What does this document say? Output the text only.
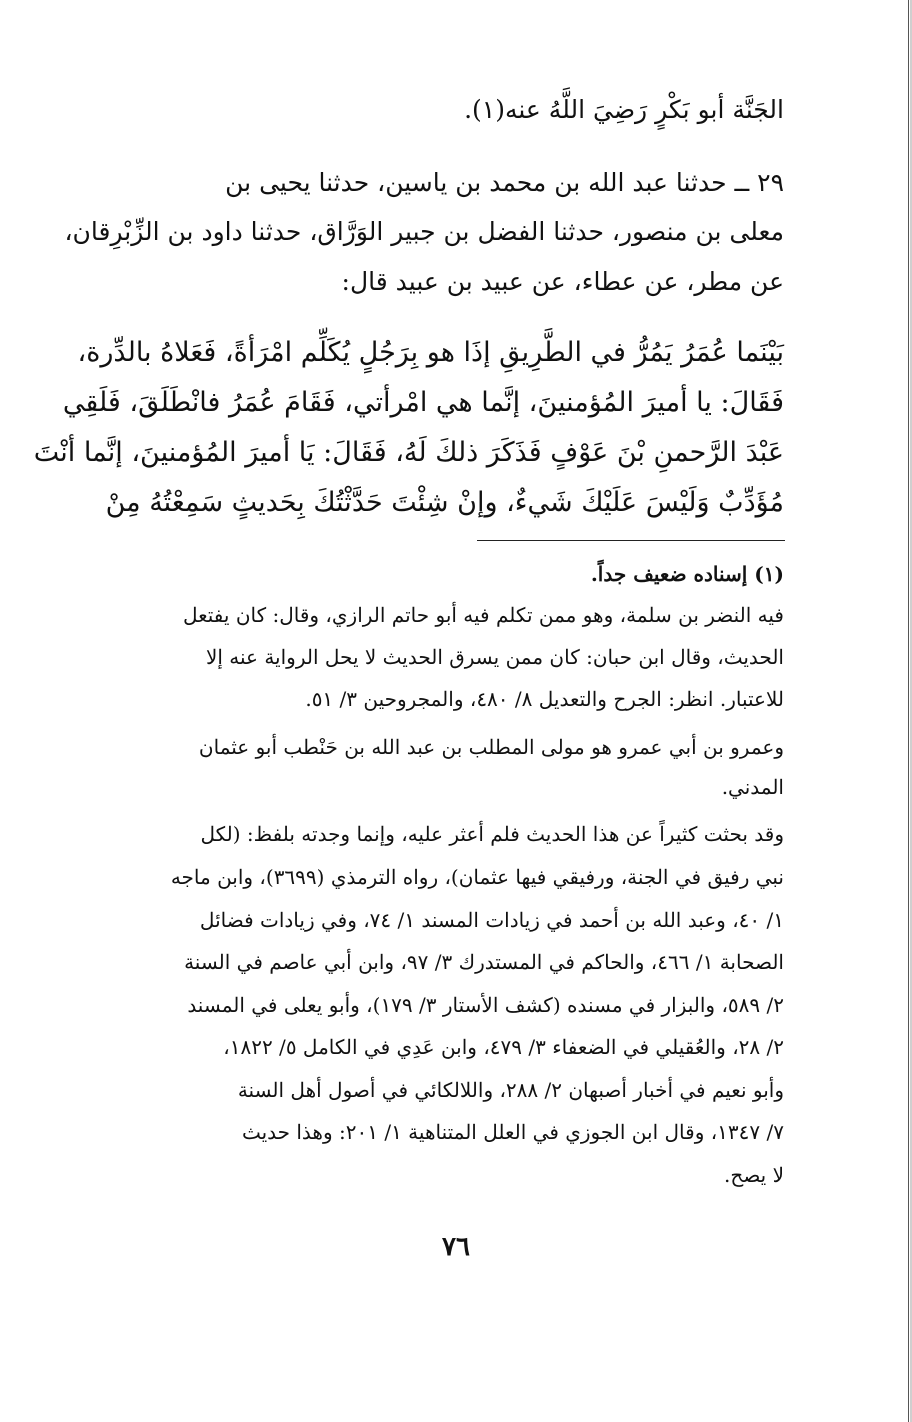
الجَنَّة أبو بَكْرٍ رَضِيَ اللَّهُ عنه(١).
٢٩ ــ حدثنا عبد الله بن محمد بن ياسين، حدثنا يحيى بن
معلى بن منصور، حدثنا الفضل بن جبير الوَرَّاق، حدثنا داود بن الزِّبْرِقان،
عن مطر، عن عطاء، عن عبيد بن عبيد قال:
بَيْنَما عُمَرُ يَمُرُّ في الطَّرِيقِ إذَا هو بِرَجُلٍ يُكَلِّم امْرَأةً، فَعَلاهُ بالدِّرة،
فَقَالَ: يا أميرَ المُؤمنينَ، إنَّما هي امْرأتي، فَقَامَ عُمَرُ فانْطَلَقَ، فَلَقِي
عَبْدَ الرَّحمنِ بْنَ عَوْفٍ فَذَكَرَ ذلكَ لَهُ، فَقَالَ: يَا أميرَ المُؤمنينَ، إنَّما أنْتَ
مُؤَدِّبٌ وَلَيْسَ عَلَيْكَ شَيءٌ، وإنْ شِئْتَ حَدَّثْتُكَ بِحَديثٍ سَمِعْتُهُ مِنْ
(١) إسناده ضعيف جداً.
فيه النضر بن سلمة، وهو ممن تكلم فيه أبو حاتم الرازي، وقال: كان يفتعل
الحديث، وقال ابن حبان: كان ممن يسرق الحديث لا يحل الرواية عنه إلا
للاعتبار. انظر: الجرح والتعديل ٨/ ٤٨٠، والمجروحين ٣/ ٥١.
وعمرو بن أبي عمرو هو مولى المطلب بن عبد الله بن حَنْطب أبو عثمان
المدني.
وقد بحثت كثيراً عن هذا الحديث فلم أعثر عليه، وإنما وجدته بلفظ: (لكل
نبي رفيق في الجنة، ورفيقي فيها عثمان)، رواه الترمذي (٣٦٩٩)، وابن ماجه
١/ ٤٠، وعبد الله بن أحمد في زيادات المسند ١/ ٧٤، وفي زيادات فضائل
الصحابة ١/ ٤٦٦، والحاكم في المستدرك ٣/ ٩٧، وابن أبي عاصم في السنة
٢/ ٥٨٩، والبزار في مسنده (كشف الأستار ٣/ ١٧٩)، وأبو يعلى في المسند
٢/ ٢٨، والعُقيلي في الضعفاء ٣/ ٤٧٩، وابن عَدِي في الكامل ٥/ ١٨٢٢،
وأبو نعيم في أخبار أصبهان ٢/ ٢٨٨، واللالكائي في أصول أهل السنة
٧/ ١٣٤٧، وقال ابن الجوزي في العلل المتناهية ١/ ٢٠١: وهذا حديث
لا يصح.
٧٦
